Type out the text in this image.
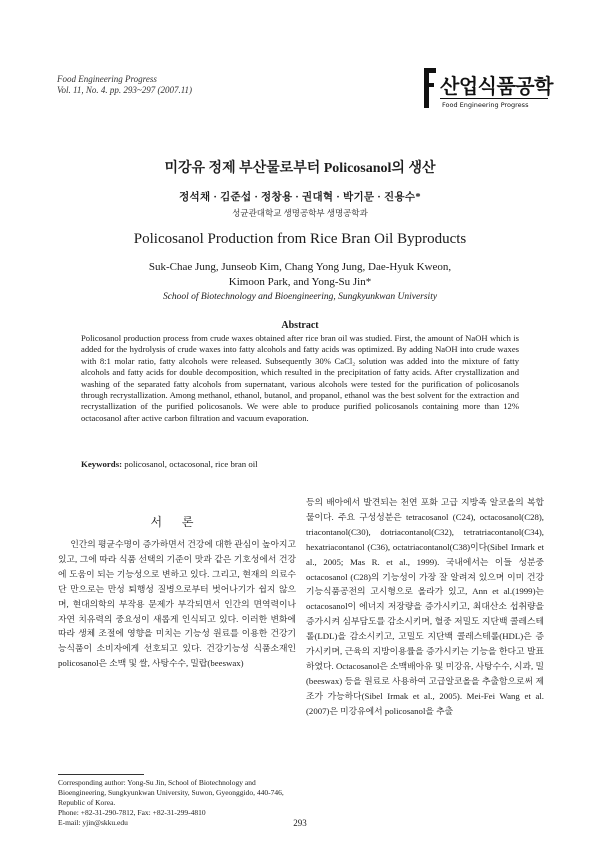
Food Engineering Progress
Vol. 11, No. 4. pp. 293~297 (2007.11)	산업식품공학
Food Engineering Progress
미강유 정제 부산물로부터 Policosanol의 생산
정석채 · 김준섭 · 정창용 · 권대혁 · 박기문 · 진용수*
성균관대학교 생명공학부 생명공학과
Policosanol Production from Rice Bran Oil Byproducts
Suk-Chae Jung, Junseob Kim, Chang Yong Jung, Dae-Hyuk Kweon,
Kimoon Park, and Yong-Su Jin*
School of Biotechnology and Bioengineering, Sungkyunkwan University
Abstract

Policosanol production process from crude waxes obtained after rice bran oil was studied. First, the amount of NaOH which is added for the hydrolysis of crude waxes into fatty alcohols and fatty acids was optimized. By adding NaOH into crude waxes with 8:1 molar ratio, fatty alcohols were released. Subsequently 30% CaCl₂ solution was added into the mixture of fatty alcohols and fatty acids for double decomposition, which resulted in the precipitation of fatty acids. After crystallization and washing of the separated fatty alcohols from supernatant, various alcohols were tested for the purification of policosanols through recrystallization. Among methanol, ethanol, butanol, and propanol, ethanol was the best solvent for the extraction and recrystallization of the purified policosanols. We were able to produce purified policosanols containing more than 12% octacosanol after active carbon filtration and vacuum evaporation.

Keywords: policosanol, octacosonal, rice bran oil
서 론

인간의 평균수명이 증가하면서 건강에 대한 관심이 높아지고 있고, 그에 따라 식품 선택의 기준이 맛과 같은 기호성에서 건강에 도움이 되는 기능성으로 변하고 있다. 그리고, 현재의 의료수단 만으로는 만성 퇴행성 질병으로부터 벗어나기가 쉽지 않으며, 현대의학의 부작용 문제가 부각되면서 인간의 면역력이나 자연 치유력의 중요성이 새롭게 인식되고 있다. 이러한 변화에 따라 생체 조절에 영향을 미치는 기능성 원료를 이용한 건강기능식품이 소비자에게 선호되고 있다. 건강기능성 식품소재인 policosanol은 소맥 및 쌀, 사탕수수, 밀랍(beeswax)

등의 배아에서 발견되는 천연 포화 고급 지방족 알코올의 복합물이다. 주요 구성성분은 tetracosanol (C24), octacosanol(C28), triacontanol(C30), dotriacontanol(C32), tetratriacontanol(C34), hexatriacontanol (C36), octatriacontanol(C38)이다(Sibel Irmark et al., 2005; Mas R. et al., 1999). 국내에서는 이들 성분중 octacosanol (C28)의 기능성이 가장 잘 알려져 있으며 이미 건강기능식품공전의 고시형으로 올라가 있고, Ann et al.(1999)는 octacosanol이 에너지 저장량을 증가시키고, 최대산소 섭취량을 증가시켜 심부담도를 감소시키며, 혈중 저밀도 지단백 콜레스테롤(LDL)을 감소시키고, 고밀도 지단백 콜레스테롤(HDL)은 증가시키며, 근육의 지방이용률을 증가시키는 기능을 한다고 발표하였다. Octacosanol은 소맥배아유 및 미강유, 사탕수수, 시과, 밀(beeswax) 등을 원료로 사용하여 고급알코올을 추출함으로써 제조가 가능하다(Sibel Irmak et al., 2005). Mei-Fei Wang et al.(2007)은 미강유에서 policosanol을 추출

Corresponding author: Yong-Su Jin, School of Biotechnology and Bioengineering, Sungkyunkwan University, Suwon, Gyeonggido, 440-746, Republic of Korea.
Phone: +82-31-290-7812, Fax: +82-31-299-4810
E-mail: yjin@skku.edu	293
